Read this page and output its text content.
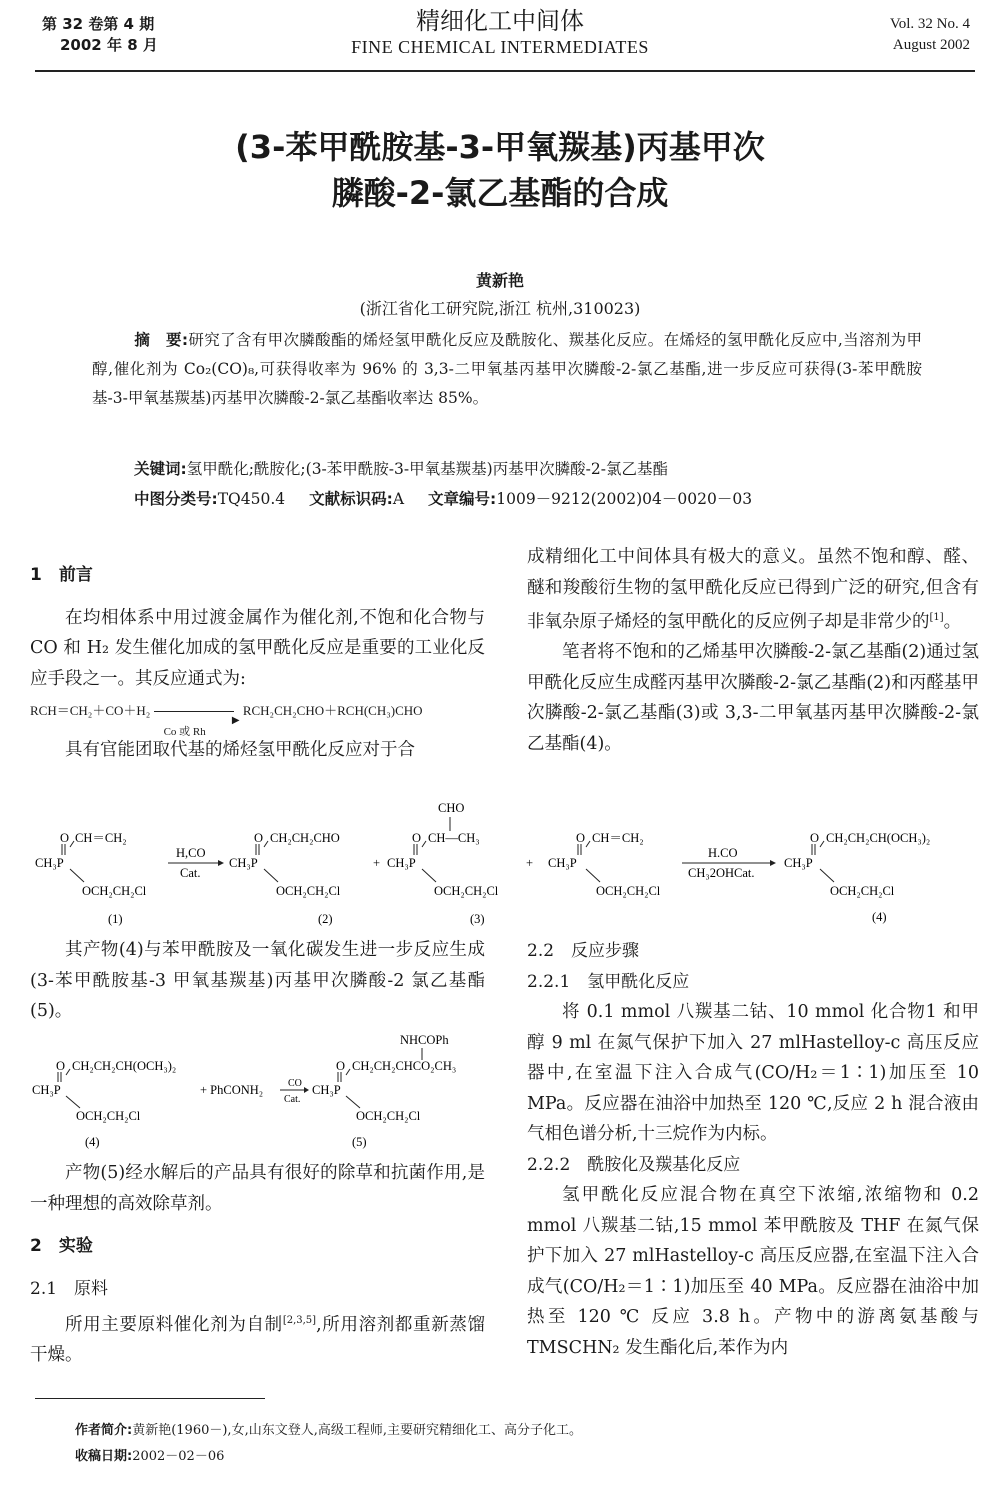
第 32 卷第 4 期
2002 年 8 月
精细化工中间体
FINE CHEMICAL INTERMEDIATES
Vol. 32 No. 4
August 2002
(3-苯甲酰胺基-3-甲氧羰基)丙基甲次
膦酸-2-氯乙基酯的合成
黄新艳
(浙江省化工研究院,浙江 杭州,310023)
摘　要:研究了含有甲次膦酸酯的烯烃氢甲酰化反应及酰胺化、羰基化反应。在烯烃的氢甲酰化反应中,当溶剂为甲醇,催化剂为 Co₂(CO)₈,可获得收率为 96% 的 3,3-二甲氧基丙基甲次膦酸-2-氯乙基酯,进一步反应可获得(3-苯甲酰胺基-3-甲氧基羰基)丙基甲次膦酸-2-氯乙基酯收率达 85%。
关键词:氢甲酰化;酰胺化;(3-苯甲酰胺-3-甲氧基羰基)丙基甲次膦酸-2-氯乙基酯
中图分类号:TQ450.4 文献标识码:A 文章编号:1009－9212(2002)04－0020－03

1　前言

在均相体系中用过渡金属作为催化剂,不饱和化合物与 CO 和 H₂ 发生催化加成的氢甲酰化反应是重要的工业化反应手段之一。其反应通式为:

RCH＝CH₂＋CO＋H₂
▶
Co 或 Rh
RCH₂CH₂CHO＋RCH(CH₃)CHO

具有官能团取代基的烯烃氢甲酰化反应对于合

成精细化工中间体具有极大的意义。虽然不饱和醇、醛、醚和羧酸衍生物的氢甲酰化反应已得到广泛的研究,但含有非氧杂原子烯烃的氢甲酰化的反应例子却是非常少的[1]。

笔者将不饱和的乙烯基甲次膦酸-2-氯乙基酯(2)通过氢甲酰化反应生成醛丙基甲次膦酸-2-氯乙基酯(2)和丙醛基甲次膦酸-2-氯乙基酯(3)或 3,3-二甲氧基丙基甲次膦酸-2-氯乙基酯(4)。

O CH＝CH₂
CH₃P
OCH₂CH₂Cl
(1)
H,CO
Cat.
O CH₂CH₂CHO
CH₃P
OCH₂CH₂Cl
(2)
+
CHO
O CH—CH₃
CH₃P
OCH₂CH₂Cl
(3)
+
O CH＝CH₂
CH₃P
OCH₂CH₂Cl
H.CO
CH₃2OHCat.
O CH₂CH₂CH(OCH₃)₂
CH₃P
OCH₂CH₂Cl
(4)

其产物(4)与苯甲酰胺及一氧化碳发生进一步反应生成(3-苯甲酰胺基-3 甲氧基羰基)丙基甲次膦酸-2 氯乙基酯(5)。

O CH₂CH₂CH(OCH₃)₂
CH₃P
OCH₂CH₂Cl
(4)
+ PhCONH₂ CO
Cat.
NHCOPh
O CH₂CH₂CHCO₂CH₃
CH₃P
OCH₂CH₂Cl
(5)

产物(5)经水解后的产品具有很好的除草和抗菌作用,是一种理想的高效除草剂。

2　实验

2.1　原料

所用主要原料催化剂为自制[2,3,5],所用溶剂都重新蒸馏干燥。

2.2　反应步骤

2.2.1　氢甲酰化反应

将 0.1 mmol 八羰基二钴、10 mmol 化合物1 和甲醇 9 ml 在氮气保护下加入 27 mlHastelloy-c 高压反应器中,在室温下注入合成气(CO/H₂＝1∶1)加压至 10 MPa。反应器在油浴中加热至 120 ℃,反应 2 h 混合液由气相色谱分析,十三烷作为内标。

2.2.2　酰胺化及羰基化反应

氢甲酰化反应混合物在真空下浓缩,浓缩物和 0.2 mmol 八羰基二钴,15 mmol 苯甲酰胺及 THF 在氮气保护下加入 27 mlHastelloy-c 高压反应器,在室温下注入合成气(CO/H₂＝1∶1)加压至 40 MPa。反应器在油浴中加热至 120 ℃ 反应 3.8 h。产物中的游离氨基酸与 TMSCHN₂ 发生酯化后,苯作为内

作者简介:黄新艳(1960－),女,山东文登人,高级工程师,主要研究精细化工、高分子化工。
收稿日期:2002－02－06
